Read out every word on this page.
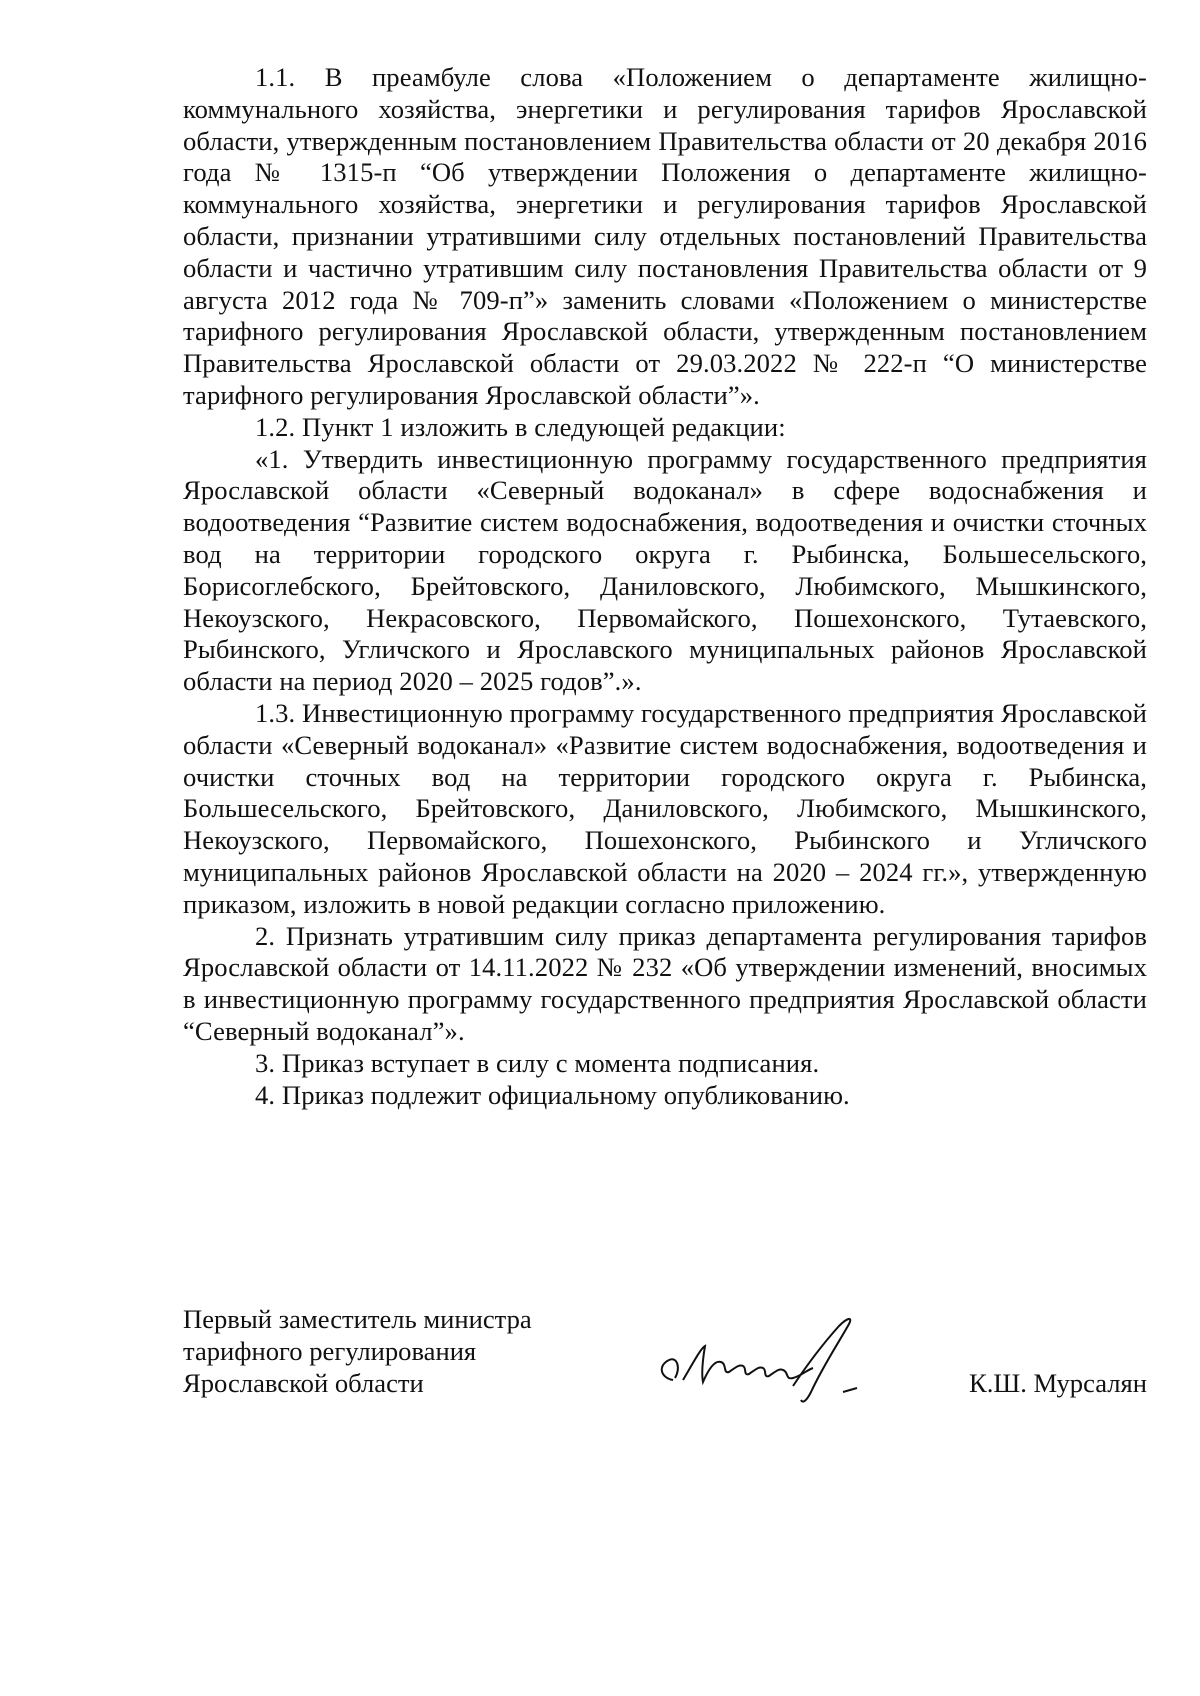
1.1. В преамбуле слова «Положением о департаменте жилищно-коммунального хозяйства, энергетики и регулирования тарифов Ярославской области, утвержденным постановлением Правительства области от 20 декабря 2016 года № 1315-п “Об утверждении Положения о департаменте жилищно-коммунального хозяйства, энергетики и регулирования тарифов Ярославской области, признании утратившими силу отдельных постановлений Правительства области и частично утратившим силу постановления Правительства области от 9 августа 2012 года № 709-п”» заменить словами «Положением о министерстве тарифного регулирования Ярославской области, утвержденным постановлением Правительства Ярославской области от 29.03.2022 № 222-п “О министерстве тарифного регулирования Ярославской области”».

1.2. Пункт 1 изложить в следующей редакции:

«1. Утвердить инвестиционную программу государственного предприятия Ярославской области «Северный водоканал» в сфере водоснабжения и водоотведения “Развитие систем водоснабжения, водоотведения и очистки сточных вод на территории городского округа г. Рыбинска, Большесельского, Борисоглебского, Брейтовского, Даниловского, Любимского, Мышкинского, Некоузского, Некрасовского, Первомайского, Пошехонского, Тутаевского, Рыбинского, Угличского и Ярославского муниципальных районов Ярославской области на период 2020 – 2025 годов”.».

1.3. Инвестиционную программу государственного предприятия Ярославской области «Северный водоканал» «Развитие систем водоснабжения, водоотведения и очистки сточных вод на территории городского округа г. Рыбинска, Большесельского, Брейтовского, Даниловского, Любимского, Мышкинского, Некоузского, Первомайского, Пошехонского, Рыбинского и Угличского муниципальных районов Ярославской области на 2020 – 2024 гг.», утвержденную приказом, изложить в новой редакции согласно приложению.

2. Признать утратившим силу приказ департамента регулирования тарифов Ярославской области от 14.11.2022 № 232 «Об утверждении изменений, вносимых в инвестиционную программу государственного предприятия Ярославской области “Северный водоканал”».

3. Приказ вступает в силу с момента подписания.

4. Приказ подлежит официальному опубликованию.

Первый заместитель министра
тарифного регулирования
Ярославской области	К.Ш. Мурсалян
